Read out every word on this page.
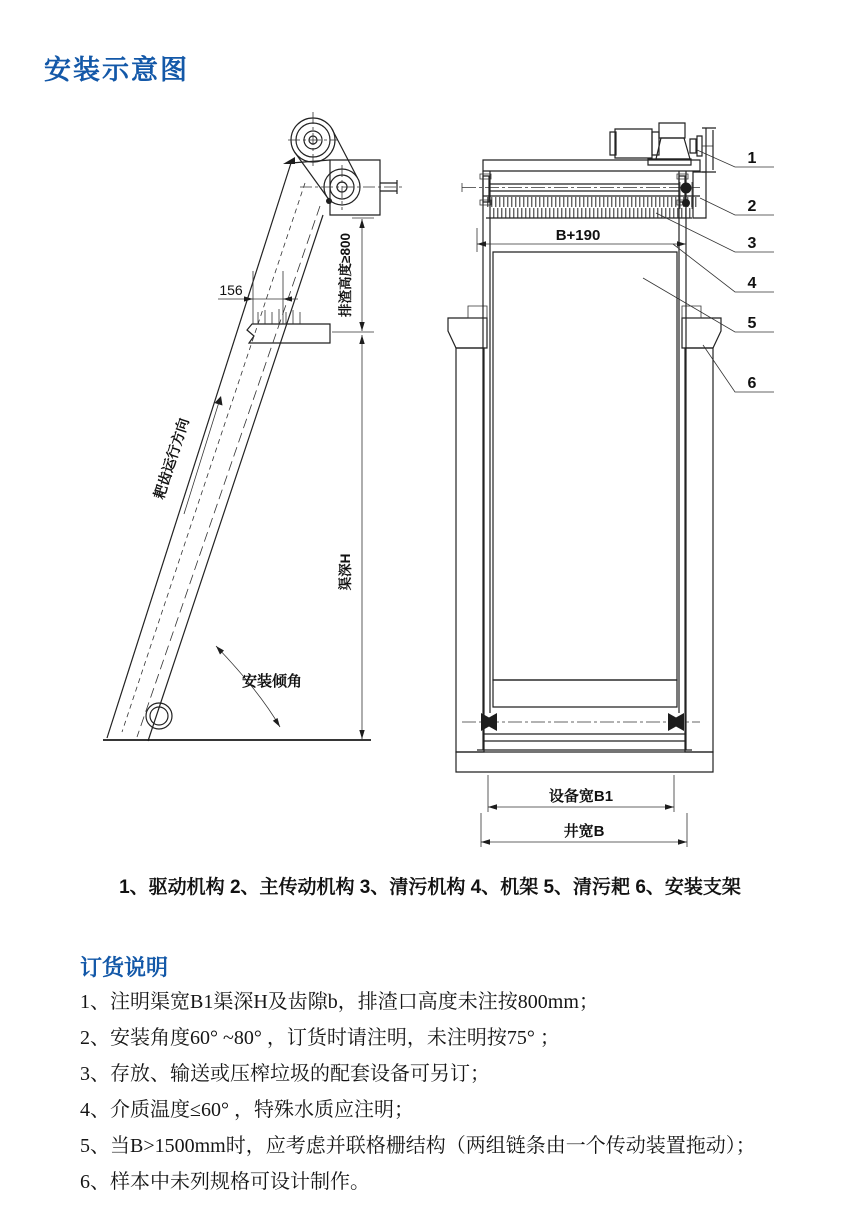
安装示意图
156	排渣高度≥800
渠深H
耙齿运行方向
安装倾角
B+190
设备宽B1
井宽B
1
2
3
4
5
6
1、驱动机构 2、主传动机构 3、清污机构 4、机架 5、清污耙 6、安装支架
订货说明
1、注明渠宽B1渠深H及齿隙b，排渣口高度未注按800mm；
2、安装角度60° ~80° ，订货时请注明，未注明按75° ；
3、存放、输送或压榨垃圾的配套设备可另订；
4、介质温度≤60° ，特殊水质应注明；
5、当B>1500mm时，应考虑并联格栅结构（两组链条由一个传动装置拖动）；
6、样本中未列规格可设计制作。
